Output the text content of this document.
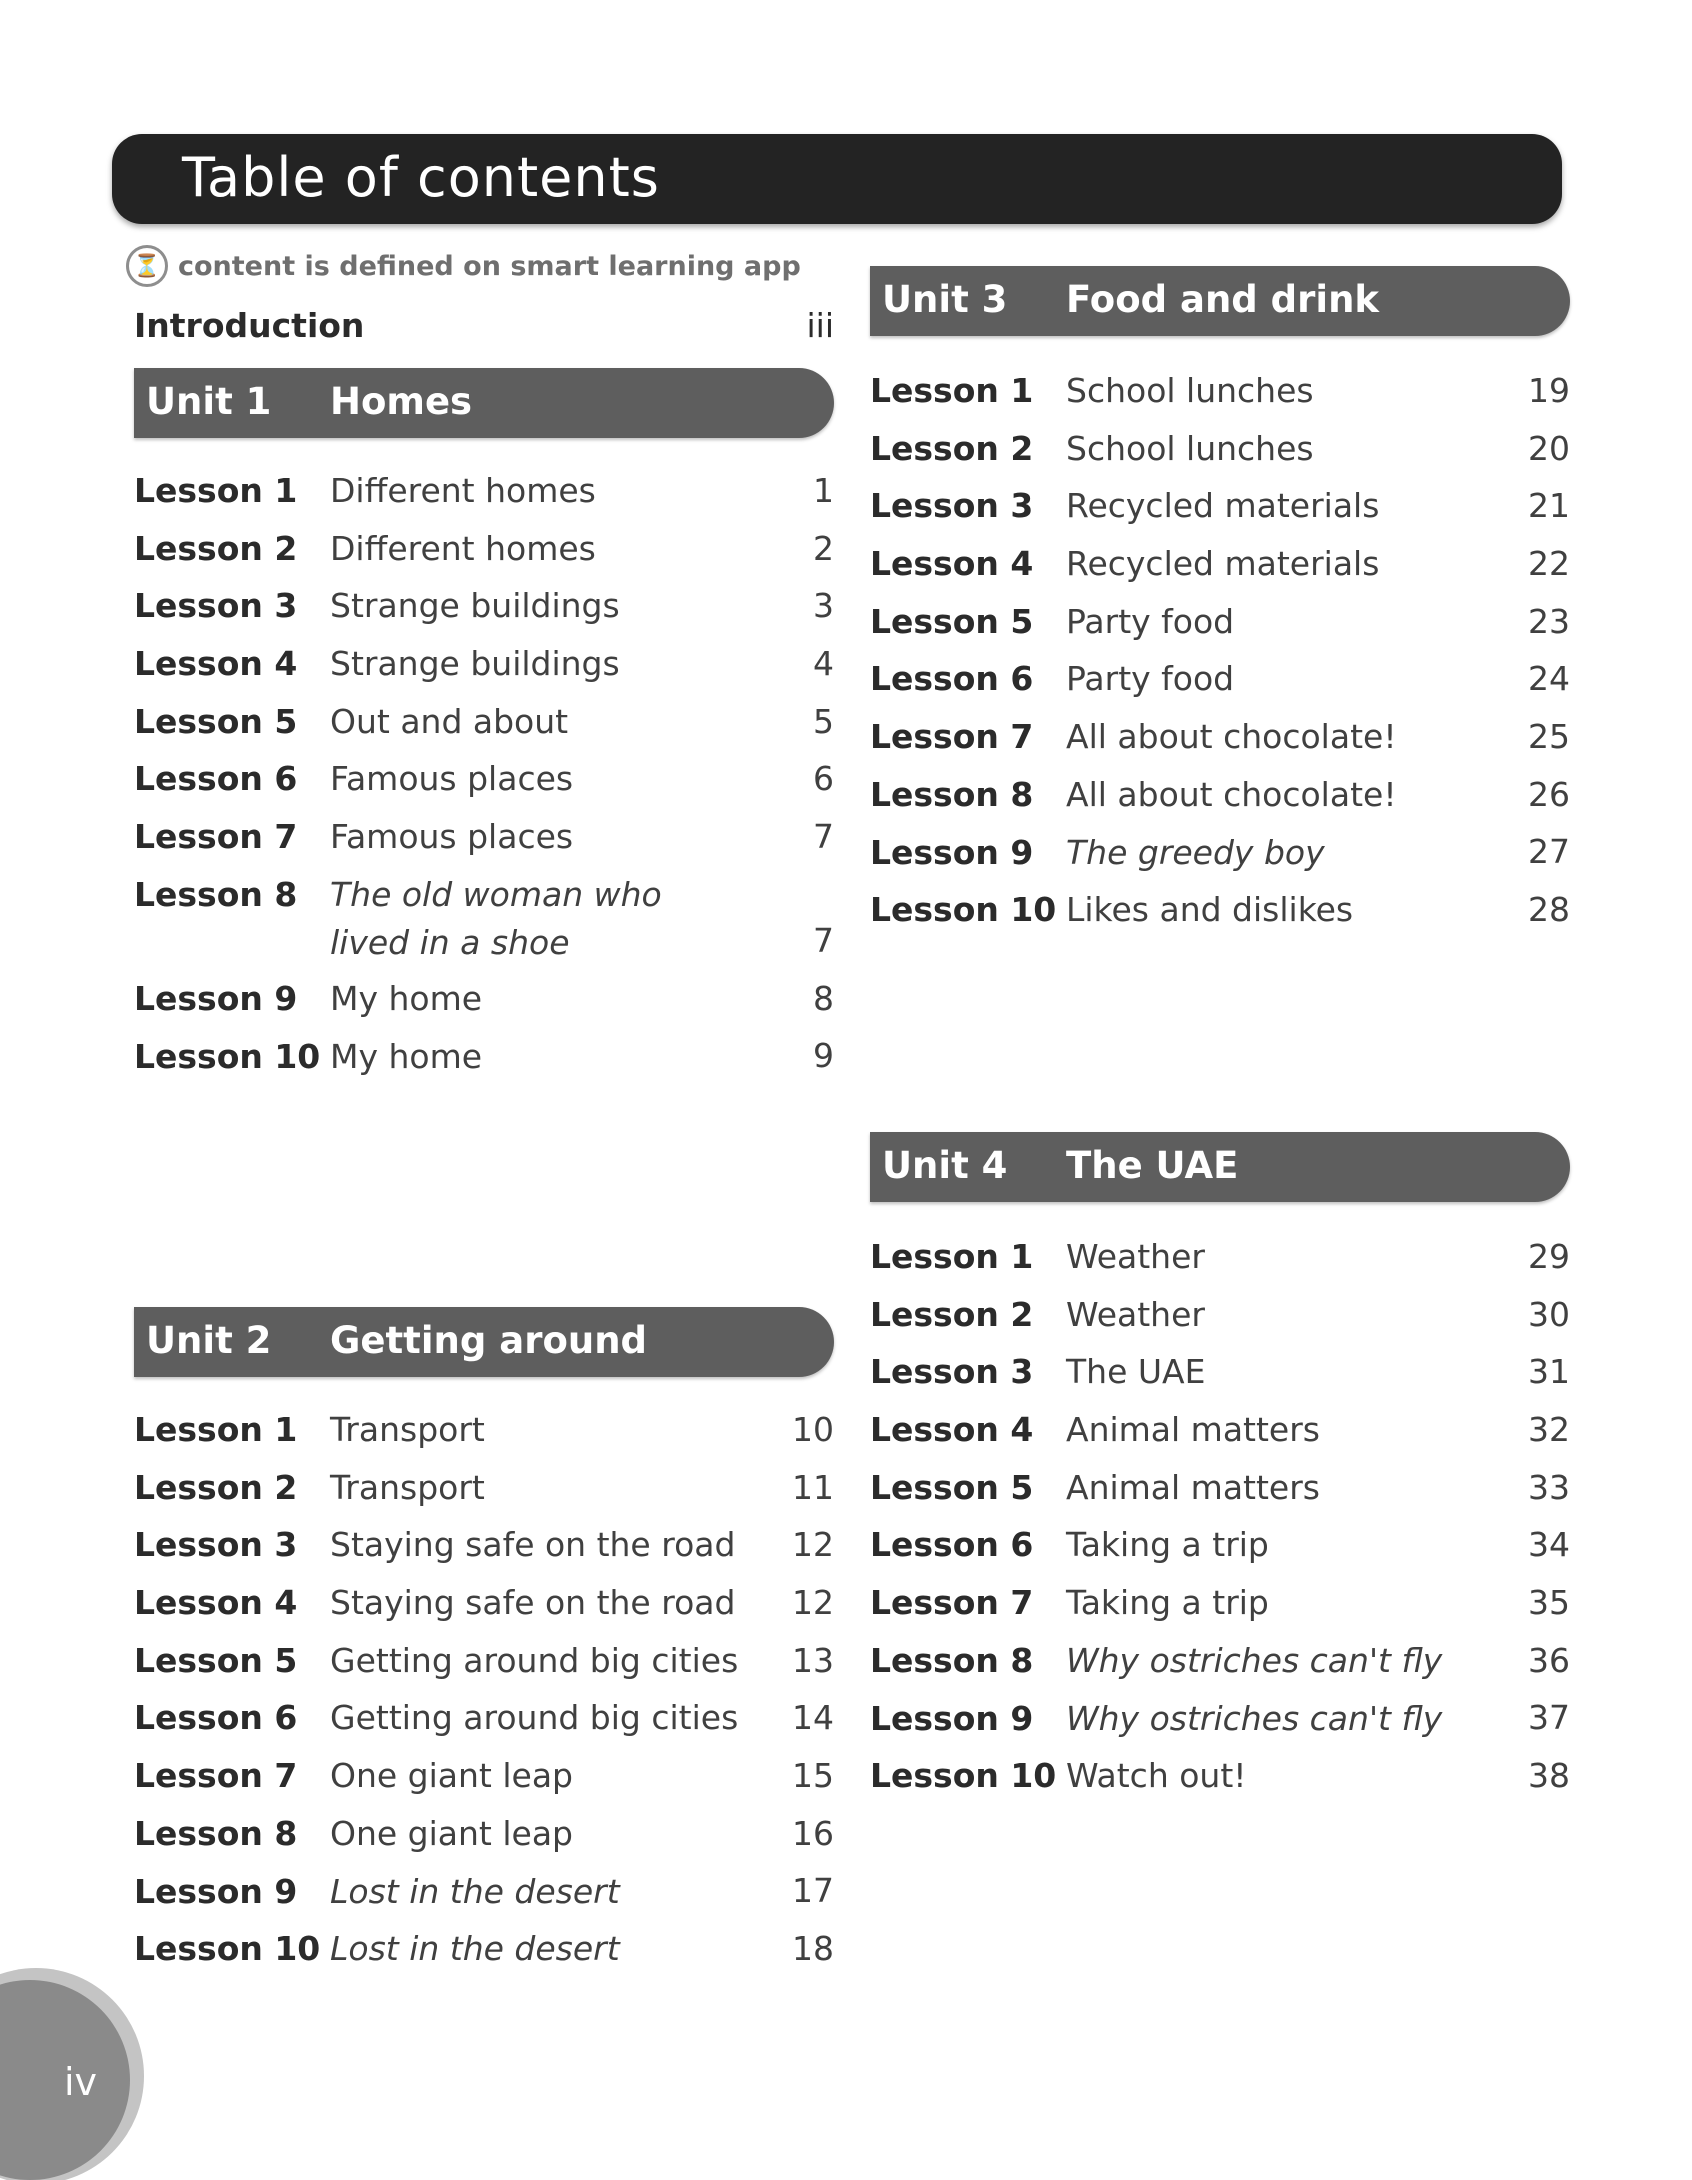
Table of contents
⏳ content is defined on smart learning app
Introduction	iii
Unit 1 Homes
Lesson 1 Different homes	1
Lesson 2 Different homes	2
Lesson 3 Strange buildings	3
Lesson 4 Strange buildings	4
Lesson 5 Out and about	5
Lesson 6 Famous places	6
Lesson 7 Famous places	7
Lesson 8 The old woman who lived in a shoe	7
Lesson 9 My home	8
Lesson 10 My home	9
Unit 2 Getting around
Lesson 1 Transport	10
Lesson 2 Transport	11
Lesson 3 Staying safe on the road	12
Lesson 4 Staying safe on the road	12
Lesson 5 Getting around big cities	13
Lesson 6 Getting around big cities	14
Lesson 7 One giant leap	15
Lesson 8 One giant leap	16
Lesson 9 Lost in the desert	17
Lesson 10 Lost in the desert	18
Unit 3 Food and drink
Lesson 1 School lunches	19
Lesson 2 School lunches	20
Lesson 3 Recycled materials	21
Lesson 4 Recycled materials	22
Lesson 5 Party food	23
Lesson 6 Party food	24
Lesson 7 All about chocolate!	25
Lesson 8 All about chocolate!	26
Lesson 9 The greedy boy	27
Lesson 10 Likes and dislikes	28
Unit 4 The UAE
Lesson 1 Weather	29
Lesson 2 Weather	30
Lesson 3 The UAE	31
Lesson 4 Animal matters	32
Lesson 5 Animal matters	33
Lesson 6 Taking a trip	34
Lesson 7 Taking a trip	35
Lesson 8 Why ostriches can't fly	36
Lesson 9 Why ostriches can't fly	37
Lesson 10 Watch out!	38
iv
